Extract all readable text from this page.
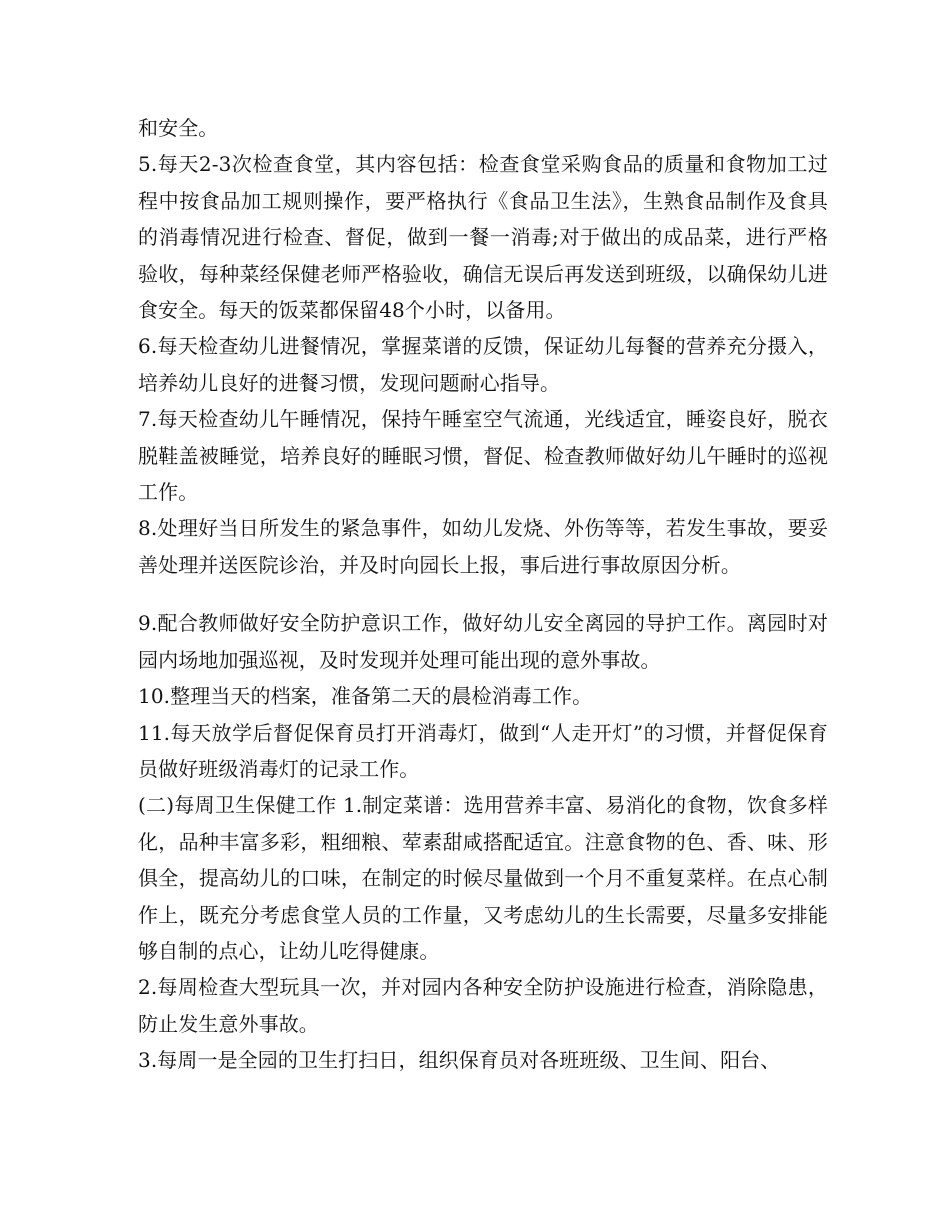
和安全。

5.每天2-3次检查食堂，其内容包括：检查食堂采购食品的质量和食物加工过程中按食品加工规则操作，要严格执行《食品卫生法》，生熟食品制作及食具的消毒情况进行检查、督促，做到一餐一消毒;对于做出的成品菜，进行严格验收，每种菜经保健老师严格验收，确信无误后再发送到班级，以确保幼儿进食安全。每天的饭菜都保留48个小时，以备用。

6.每天检查幼儿进餐情况，掌握菜谱的反馈，保证幼儿每餐的营养充分摄入，培养幼儿良好的进餐习惯，发现问题耐心指导。

7.每天检查幼儿午睡情况，保持午睡室空气流通，光线适宜，睡姿良好，脱衣脱鞋盖被睡觉，培养良好的睡眠习惯，督促、检查教师做好幼儿午睡时的巡视工作。

8.处理好当日所发生的紧急事件，如幼儿发烧、外伤等等，若发生事故，要妥善处理并送医院诊治，并及时向园长上报，事后进行事故原因分析。

9.配合教师做好安全防护意识工作，做好幼儿安全离园的导护工作。离园时对园内场地加强巡视，及时发现并处理可能出现的意外事故。

10.整理当天的档案，准备第二天的晨检消毒工作。

11.每天放学后督促保育员打开消毒灯，做到“人走开灯”的习惯，并督促保育员做好班级消毒灯的记录工作。

(二)每周卫生保健工作 1.制定菜谱：选用营养丰富、易消化的食物，饮食多样化，品种丰富多彩，粗细粮、荤素甜咸搭配适宜。注意食物的色、香、味、形俱全，提高幼儿的口味，在制定的时候尽量做到一个月不重复菜样。在点心制作上，既充分考虑食堂人员的工作量，又考虑幼儿的生长需要，尽量多安排能够自制的点心，让幼儿吃得健康。

2.每周检查大型玩具一次，并对园内各种安全防护设施进行检查，消除隐患，防止发生意外事故。

3.每周一是全园的卫生打扫日，组织保育员对各班班级、卫生间、阳台、
